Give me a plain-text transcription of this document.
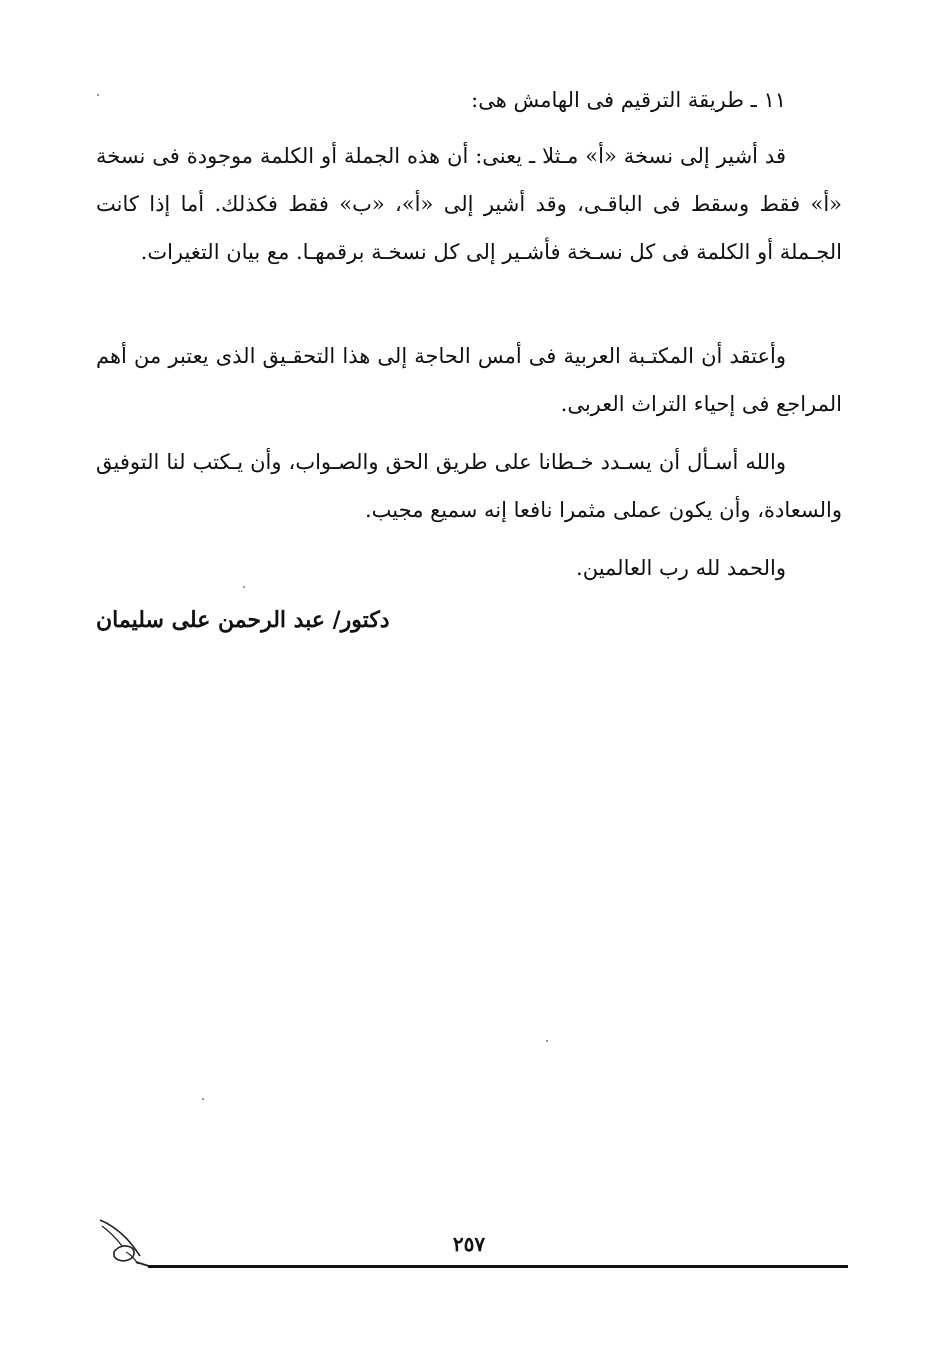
١١ ـ طريقة الترقيم فى الهامش هى:

قد أشير إلى نسخة «أ» مـثلا ـ يعنى: أن هذه الجملة أو الكلمة موجودة فى نسخة «أ» فقط وسقط فى الباقـى، وقد أشير إلى «أ»، «ب» فقط فكذلك. أما إذا كانت الجـملة أو الكلمة فى كل نسـخة فأشـير إلى كل نسخـة برقمهـا. مع بيان التغيرات.

وأعتقد أن المكتـبة العربية فى أمس الحاجة إلى هذا التحقـيق الذى يعتبر من أهم المراجع فى إحياء التراث العربى.

والله أسـأل أن يسـدد خـطانا على طريق الحق والصـواب، وأن يـكتب لنا التوفيق والسعادة، وأن يكون عملى مثمرا نافعا إنه سميع مجيب.

والحمد لله رب العالمين.

دكتور/ عبد الرحمن على سليمان
٢٥٧
